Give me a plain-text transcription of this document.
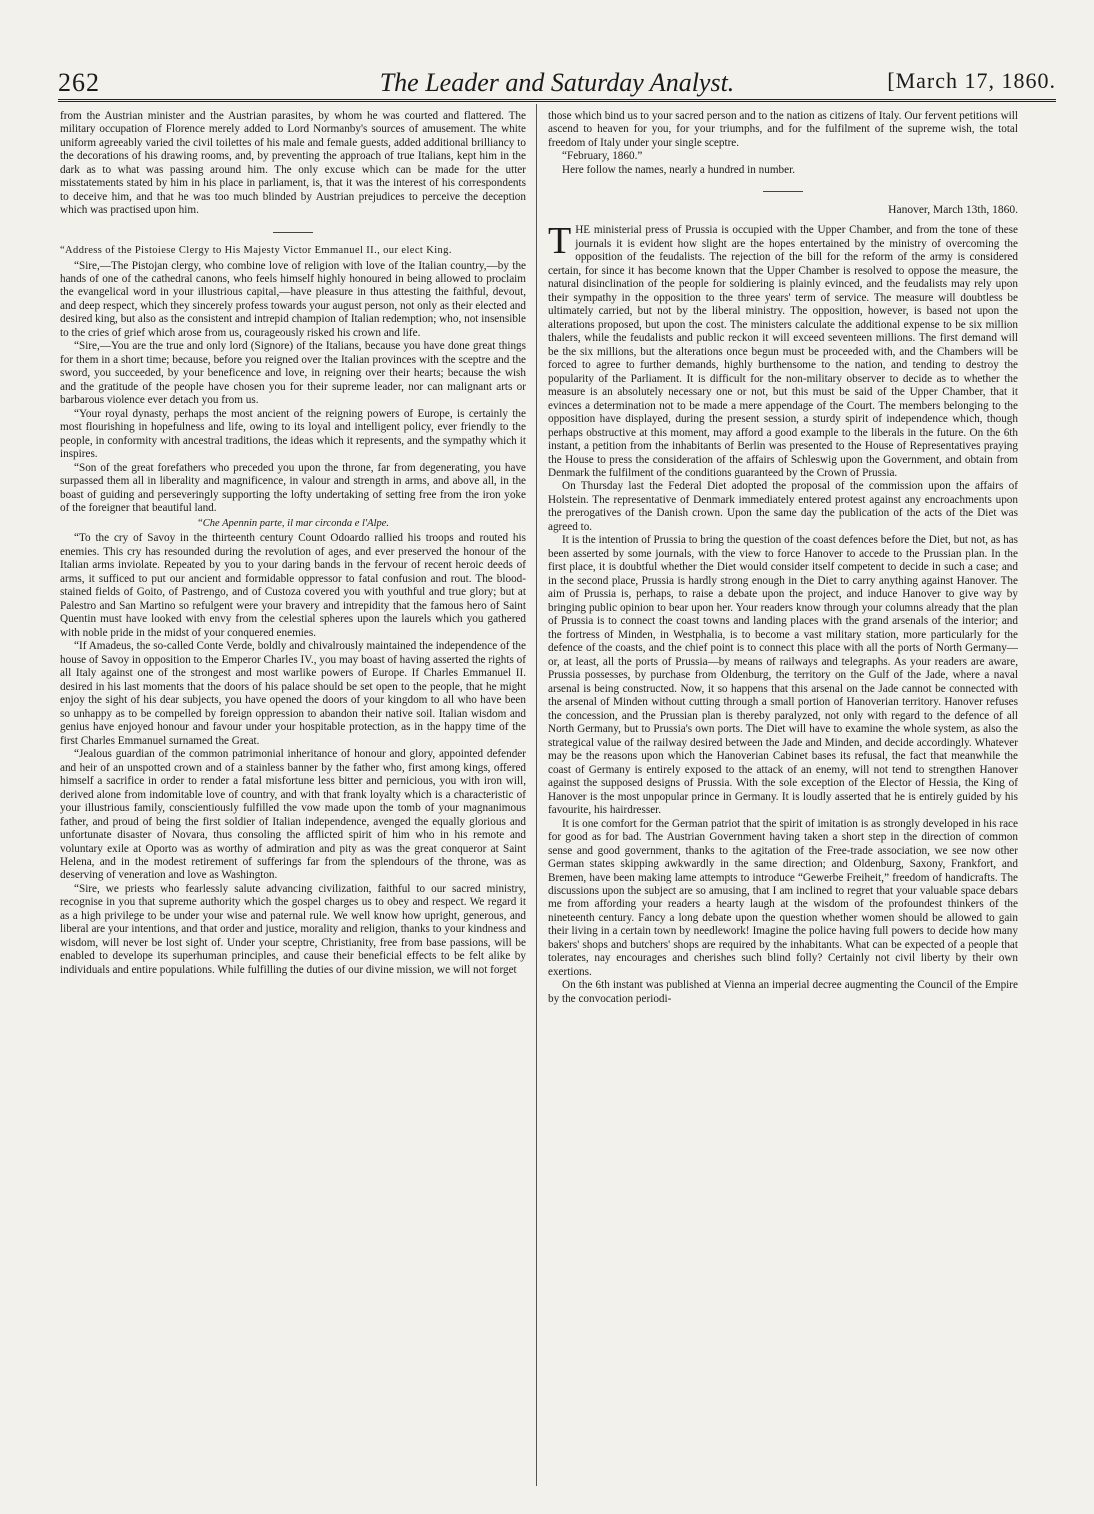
262	The Leader and Saturday Analyst.	[March 17, 1860.

from the Austrian minister and the Austrian parasites, by whom he was courted and flattered. The military occupation of Florence merely added to Lord Normanby's sources of amusement. The white uniform agreeably varied the civil toilettes of his male and female guests, added additional brilliancy to the decorations of his drawing rooms, and, by preventing the approach of true Italians, kept him in the dark as to what was passing around him. The only excuse which can be made for the utter misstatements stated by him in his place in parliament, is, that it was the interest of his correspondents to deceive him, and that he was too much blinded by Austrian prejudices to perceive the deception which was practised upon him.

“Address of the Pistoiese Clergy to His Majesty Victor Emmanuel II., our elect King.

“Sire,—The Pistojan clergy, who combine love of religion with love of the Italian country,—by the hands of one of the cathedral canons, who feels himself highly honoured in being allowed to proclaim the evangelical word in your illustrious capital,—have pleasure in thus attesting the faithful, devout, and deep respect, which they sincerely profess towards your august person, not only as their elected and desired king, but also as the consistent and intrepid champion of Italian redemption; who, not insensible to the cries of grief which arose from us, courageously risked his crown and life.

“Sire,—You are the true and only lord (Signore) of the Italians, because you have done great things for them in a short time; because, before you reigned over the Italian provinces with the sceptre and the sword, you succeeded, by your beneficence and love, in reigning over their hearts; because the wish and the gratitude of the people have chosen you for their supreme leader, nor can malignant arts or barbarous violence ever detach you from us.

“Your royal dynasty, perhaps the most ancient of the reigning powers of Europe, is certainly the most flourishing in hopefulness and life, owing to its loyal and intelligent policy, ever friendly to the people, in conformity with ancestral traditions, the ideas which it represents, and the sympathy which it inspires.

“Son of the great forefathers who preceded you upon the throne, far from degenerating, you have surpassed them all in liberality and magnificence, in valour and strength in arms, and above all, in the boast of guiding and perseveringly supporting the lofty undertaking of setting free from the iron yoke of the foreigner that beautiful land.

“Che Apennin parte, il mar circonda e l'Alpe.

“To the cry of Savoy in the thirteenth century Count Odoardo rallied his troops and routed his enemies. This cry has resounded during the revolution of ages, and ever preserved the honour of the Italian arms inviolate. Repeated by you to your daring bands in the fervour of recent heroic deeds of arms, it sufficed to put our ancient and formidable oppressor to fatal confusion and rout. The blood-stained fields of Goito, of Pastrengo, and of Custoza covered you with youthful and true glory; but at Palestro and San Martino so refulgent were your bravery and intrepidity that the famous hero of Saint Quentin must have looked with envy from the celestial spheres upon the laurels which you gathered with noble pride in the midst of your conquered enemies.

“If Amadeus, the so-called Conte Verde, boldly and chivalrously maintained the independence of the house of Savoy in opposition to the Emperor Charles IV., you may boast of having asserted the rights of all Italy against one of the strongest and most warlike powers of Europe. If Charles Emmanuel II. desired in his last moments that the doors of his palace should be set open to the people, that he might enjoy the sight of his dear subjects, you have opened the doors of your kingdom to all who have been so unhappy as to be compelled by foreign oppression to abandon their native soil. Italian wisdom and genius have enjoyed honour and favour under your hospitable protection, as in the happy time of the first Charles Emmanuel surnamed the Great.

“Jealous guardian of the common patrimonial inheritance of honour and glory, appointed defender and heir of an unspotted crown and of a stainless banner by the father who, first among kings, offered himself a sacrifice in order to render a fatal misfortune less bitter and pernicious, you with iron will, derived alone from indomitable love of country, and with that frank loyalty which is a characteristic of your illustrious family, conscientiously fulfilled the vow made upon the tomb of your magnanimous father, and proud of being the first soldier of Italian independence, avenged the equally glorious and unfortunate disaster of Novara, thus consoling the afflicted spirit of him who in his remote and voluntary exile at Oporto was as worthy of admiration and pity as was the great conqueror at Saint Helena, and in the modest retirement of sufferings far from the splendours of the throne, was as deserving of veneration and love as Washington.

“Sire, we priests who fearlessly salute advancing civilization, faithful to our sacred ministry, recognise in you that supreme authority which the gospel charges us to obey and respect. We regard it as a high privilege to be under your wise and paternal rule. We well know how upright, generous, and liberal are your intentions, and that order and justice, morality and religion, thanks to your kindness and wisdom, will never be lost sight of. Under your sceptre, Christianity, free from base passions, will be enabled to develope its superhuman principles, and cause their beneficial effects to be felt alike by individuals and entire populations. While fulfilling the duties of our divine mission, we will not forget

those which bind us to your sacred person and to the nation as citizens of Italy. Our fervent petitions will ascend to heaven for you, for your triumphs, and for the fulfilment of the supreme wish, the total freedom of Italy under your single sceptre.

“February, 1860.”

Here follow the names, nearly a hundred in number.

Hanover, March 13th, 1860.

THE ministerial press of Prussia is occupied with the Upper Chamber, and from the tone of these journals it is evident how slight are the hopes entertained by the ministry of overcoming the opposition of the feudalists. The rejection of the bill for the reform of the army is considered certain, for since it has become known that the Upper Chamber is resolved to oppose the measure, the natural disinclination of the people for soldiering is plainly evinced, and the feudalists may rely upon their sympathy in the opposition to the three years' term of service. The measure will doubtless be ultimately carried, but not by the liberal ministry. The opposition, however, is based not upon the alterations proposed, but upon the cost. The ministers calculate the additional expense to be six million thalers, while the feudalists and public reckon it will exceed seventeen millions. The first demand will be the six millions, but the alterations once begun must be proceeded with, and the Chambers will be forced to agree to further demands, highly burthensome to the nation, and tending to destroy the popularity of the Parliament. It is difficult for the non-military observer to decide as to whether the measure is an absolutely necessary one or not, but this must be said of the Upper Chamber, that it evinces a determination not to be made a mere appendage of the Court. The members belonging to the opposition have displayed, during the present session, a sturdy spirit of independence which, though perhaps obstructive at this moment, may afford a good example to the liberals in the future. On the 6th instant, a petition from the inhabitants of Berlin was presented to the House of Representatives praying the House to press the consideration of the affairs of Schleswig upon the Government, and obtain from Denmark the fulfilment of the conditions guaranteed by the Crown of Prussia.

On Thursday last the Federal Diet adopted the proposal of the commission upon the affairs of Holstein. The representative of Denmark immediately entered protest against any encroachments upon the prerogatives of the Danish crown. Upon the same day the publication of the acts of the Diet was agreed to.

It is the intention of Prussia to bring the question of the coast defences before the Diet, but not, as has been asserted by some journals, with the view to force Hanover to accede to the Prussian plan. In the first place, it is doubtful whether the Diet would consider itself competent to decide in such a case; and in the second place, Prussia is hardly strong enough in the Diet to carry anything against Hanover. The aim of Prussia is, perhaps, to raise a debate upon the project, and induce Hanover to give way by bringing public opinion to bear upon her. Your readers know through your columns already that the plan of Prussia is to connect the coast towns and landing places with the grand arsenals of the interior; and the fortress of Minden, in Westphalia, is to become a vast military station, more particularly for the defence of the coasts, and the chief point is to connect this place with all the ports of North Germany—or, at least, all the ports of Prussia—by means of railways and telegraphs. As your readers are aware, Prussia possesses, by purchase from Oldenburg, the territory on the Gulf of the Jade, where a naval arsenal is being constructed. Now, it so happens that this arsenal on the Jade cannot be connected with the arsenal of Minden without cutting through a small portion of Hanoverian territory. Hanover refuses the concession, and the Prussian plan is thereby paralyzed, not only with regard to the defence of all North Germany, but to Prussia's own ports. The Diet will have to examine the whole system, as also the strategical value of the railway desired between the Jade and Minden, and decide accordingly. Whatever may be the reasons upon which the Hanoverian Cabinet bases its refusal, the fact that meanwhile the coast of Germany is entirely exposed to the attack of an enemy, will not tend to strengthen Hanover against the supposed designs of Prussia. With the sole exception of the Elector of Hessia, the King of Hanover is the most unpopular prince in Germany. It is loudly asserted that he is entirely guided by his favourite, his hairdresser.

It is one comfort for the German patriot that the spirit of imitation is as strongly developed in his race for good as for bad. The Austrian Government having taken a short step in the direction of common sense and good government, thanks to the agitation of the Free-trade association, we see now other German states skipping awkwardly in the same direction; and Oldenburg, Saxony, Frankfort, and Bremen, have been making lame attempts to introduce “Gewerbe Freiheit,” freedom of handicrafts. The discussions upon the subject are so amusing, that I am inclined to regret that your valuable space debars me from affording your readers a hearty laugh at the wisdom of the profoundest thinkers of the nineteenth century. Fancy a long debate upon the question whether women should be allowed to gain their living in a certain town by needlework! Imagine the police having full powers to decide how many bakers' shops and butchers' shops are required by the inhabitants. What can be expected of a people that tolerates, nay encourages and cherishes such blind folly? Certainly not civil liberty by their own exertions.

On the 6th instant was published at Vienna an imperial decree augmenting the Council of the Empire by the convocation periodi-
